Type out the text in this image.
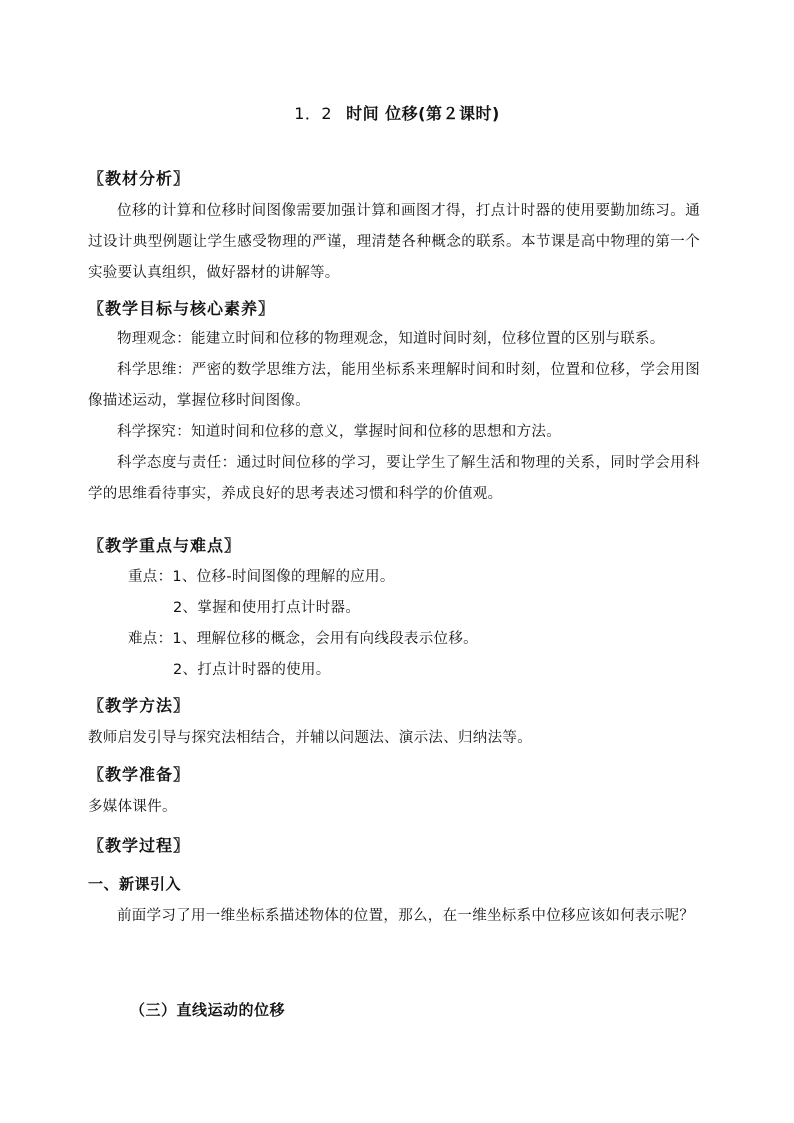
1．2 时间 位移(第２课时)
〖教材分析〗
位移的计算和位移时间图像需要加强计算和画图才得，打点计时器的使用要勤加练习。通过设计典型例题让学生感受物理的严谨，理清楚各种概念的联系。本节课是高中物理的第一个实验要认真组织，做好器材的讲解等。
〖教学目标与核心素养〗
物理观念：能建立时间和位移的物理观念，知道时间时刻，位移位置的区别与联系。
科学思维：严密的数学思维方法，能用坐标系来理解时间和时刻，位置和位移，学会用图像描述运动，掌握位移时间图像。
科学探究：知道时间和位移的意义，掌握时间和位移的思想和方法。
科学态度与责任：通过时间位移的学习，要让学生了解生活和物理的关系，同时学会用科学的思维看待事实，养成良好的思考表述习惯和科学的价值观。
〖教学重点与难点〗
重点：1、位移-时间图像的理解的应用。
2、掌握和使用打点计时器。
难点：1、理解位移的概念，会用有向线段表示位移。
2、打点计时器的使用。
〖教学方法〗
教师启发引导与探究法相结合，并辅以问题法、演示法、归纳法等。
〖教学准备〗
多媒体课件。
〖教学过程〗
一、新课引入
前面学习了用一维坐标系描述物体的位置，那么，在一维坐标系中位移应该如何表示呢？
（三）直线运动的位移
